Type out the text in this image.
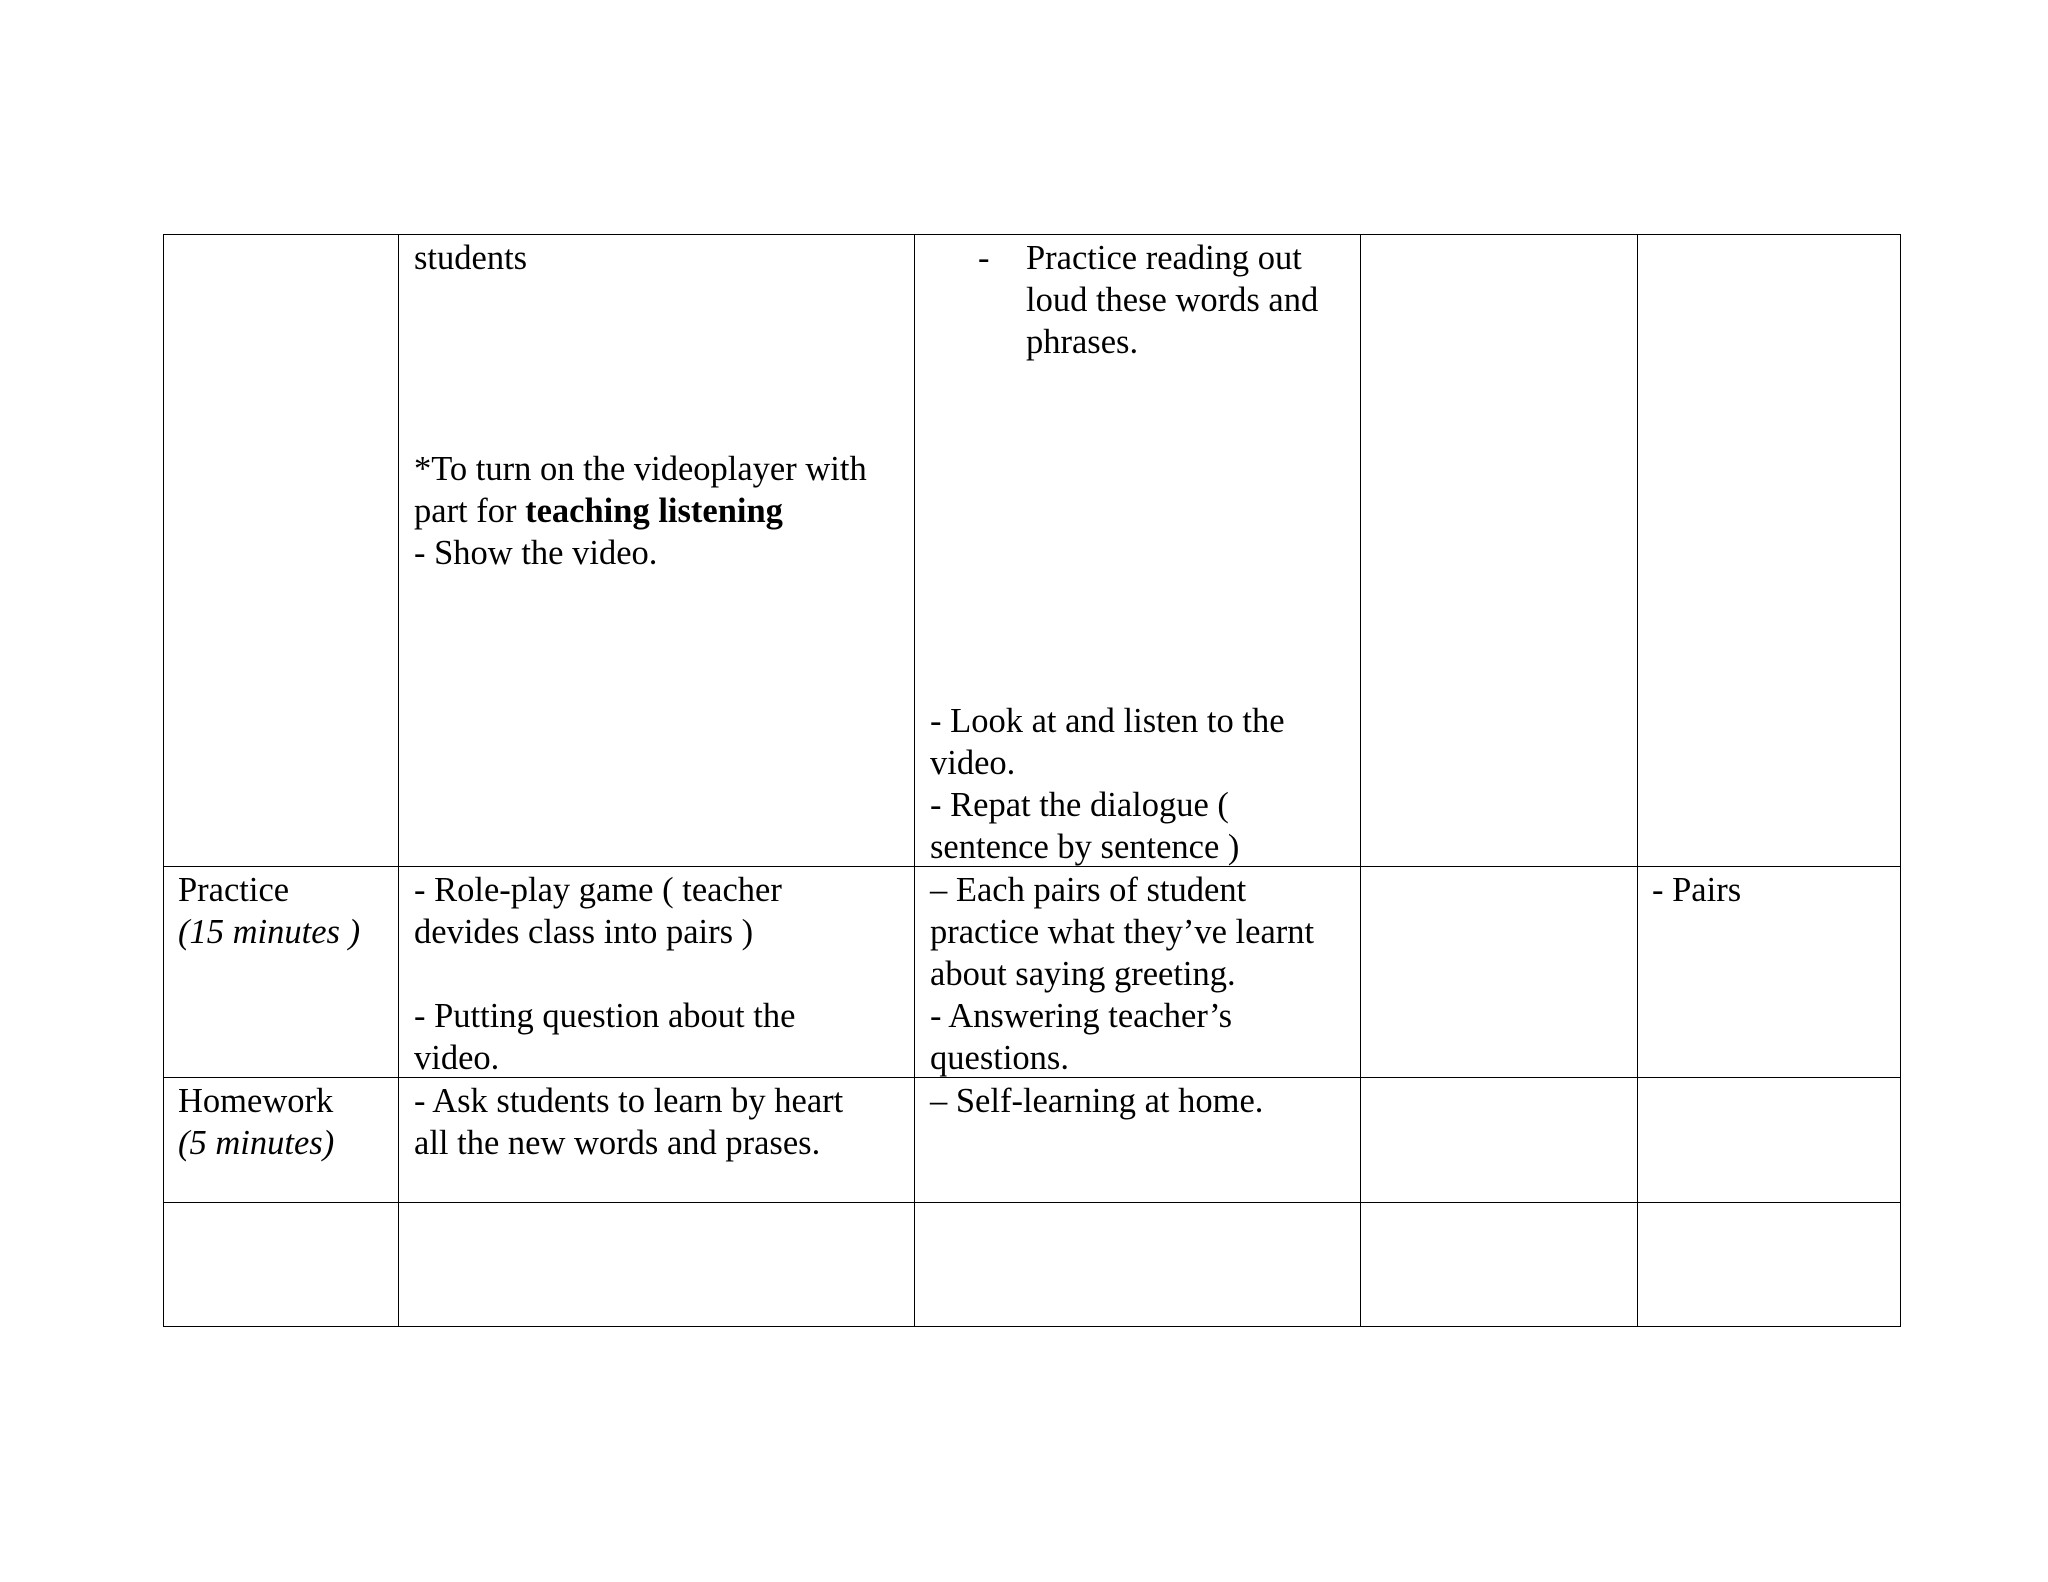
students

*To turn on the videoplayer with

part for teaching listening

- Show the video.

- Practice reading out

loud these words and

phrases.

- Look at and listen to the

video.

- Repat the dialogue (

sentence by sentence )

Practice

(15 minutes )

- Role-play game ( teacher

devides class into pairs )

- Putting question about the

video.

– Each pairs of student

practice what they’ve learnt

about saying greeting.

- Answering teacher’s

questions.

- Pairs

Homework

(5 minutes)

- Ask students to learn by heart

all the new words and prases.

– Self-learning at home.
